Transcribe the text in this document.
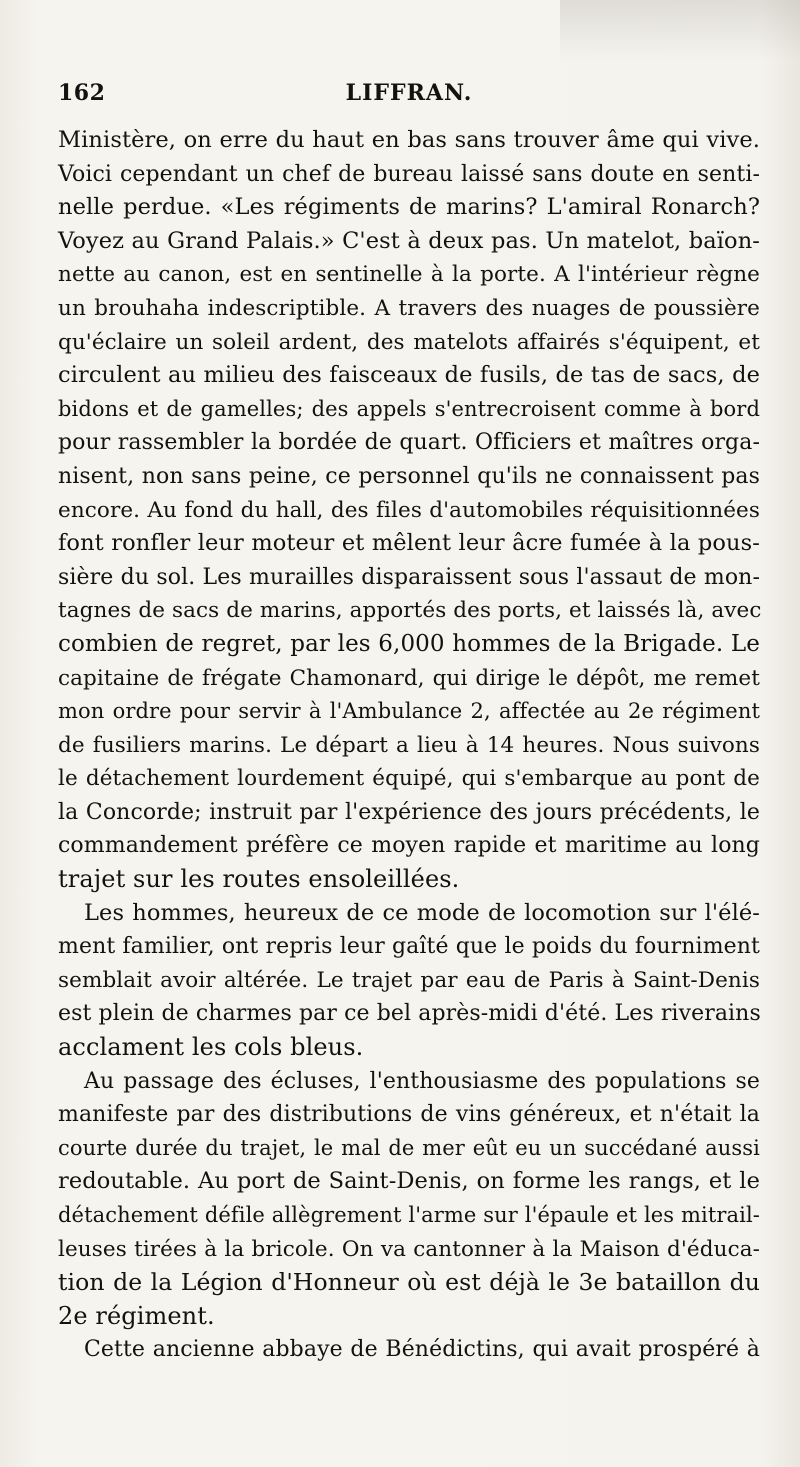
162	LIFFRAN.
Ministère, on erre du haut en bas sans trouver âme qui vive.
Voici cependant un chef de bureau laissé sans doute en senti-
nelle perdue. «Les régiments de marins? L'amiral Ronarch?
Voyez au Grand Palais.» C'est à deux pas. Un matelot, baïon-
nette au canon, est en sentinelle à la porte. A l'intérieur règne
un brouhaha indescriptible. A travers des nuages de poussière
qu'éclaire un soleil ardent, des matelots affairés s'équipent, et
circulent au milieu des faisceaux de fusils, de tas de sacs, de
bidons et de gamelles; des appels s'entrecroisent comme à bord
pour rassembler la bordée de quart. Officiers et maîtres orga-
nisent, non sans peine, ce personnel qu'ils ne connaissent pas
encore. Au fond du hall, des files d'automobiles réquisitionnées
font ronfler leur moteur et mêlent leur âcre fumée à la pous-
sière du sol. Les murailles disparaissent sous l'assaut de mon-
tagnes de sacs de marins, apportés des ports, et laissés là, avec
combien de regret, par les 6,000 hommes de la Brigade. Le
capitaine de frégate Chamonard, qui dirige le dépôt, me remet
mon ordre pour servir à l'Ambulance 2, affectée au 2e régiment
de fusiliers marins. Le départ a lieu à 14 heures. Nous suivons
le détachement lourdement équipé, qui s'embarque au pont de
la Concorde; instruit par l'expérience des jours précédents, le
commandement préfère ce moyen rapide et maritime au long
trajet sur les routes ensoleillées.
Les hommes, heureux de ce mode de locomotion sur l'élé-
ment familier, ont repris leur gaîté que le poids du fourniment
semblait avoir altérée. Le trajet par eau de Paris à Saint-Denis
est plein de charmes par ce bel après-midi d'été. Les riverains
acclament les cols bleus.
Au passage des écluses, l'enthousiasme des populations se
manifeste par des distributions de vins généreux, et n'était la
courte durée du trajet, le mal de mer eût eu un succédané aussi
redoutable. Au port de Saint-Denis, on forme les rangs, et le
détachement défile allègrement l'arme sur l'épaule et les mitrail-
leuses tirées à la bricole. On va cantonner à la Maison d'éduca-
tion de la Légion d'Honneur où est déjà le 3e bataillon du
2e régiment.
Cette ancienne abbaye de Bénédictins, qui avait prospéré à
